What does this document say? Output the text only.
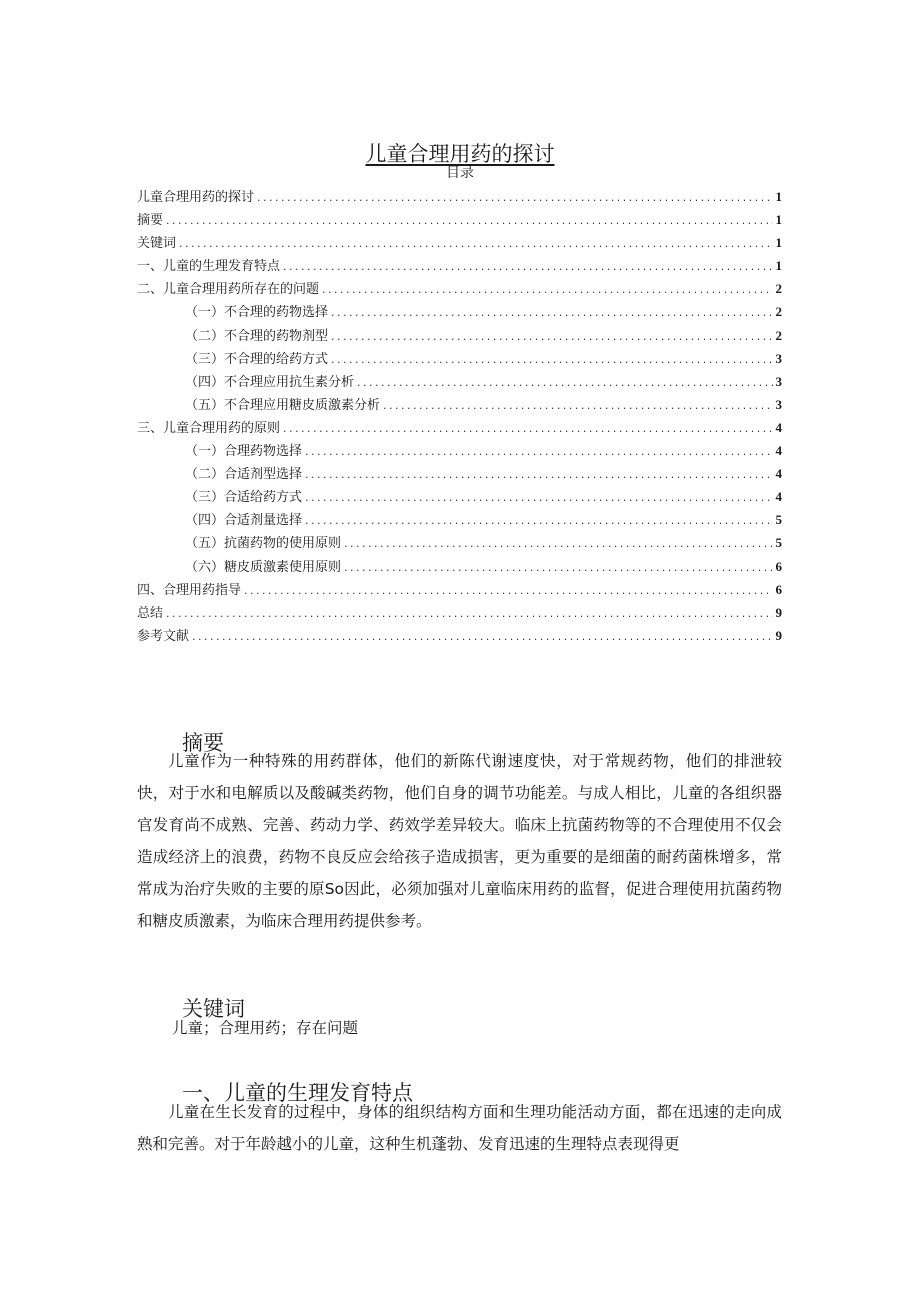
儿童合理用药的探讨
目录
儿童合理用药的探讨 .....	1
摘要 .....	1
关键词 .....	1
一、儿童的生理发育特点 .....	1
二、儿童合理用药所存在的问题 .....	2
（一）不合理的药物选择 .....	2
（二）不合理的药物剂型 .....	2
（三）不合理的给药方式 .....	3
（四）不合理应用抗生素分析 .....	3
（五）不合理应用糖皮质激素分析 .....	3
三、儿童合理用药的原则 .....	4
（一）合理药物选择 .....	4
（二）合适剂型选择 .....	4
（三）合适给药方式 .....	4
（四）合适剂量选择 .....	5
（五）抗菌药物的使用原则 .....	5
（六）糖皮质激素使用原则 .....	6
四、合理用药指导 .....	6
总结 .....	9
参考文献 .....	9
摘要

儿童作为一种特殊的用药群体，他们的新陈代谢速度快，对于常规药物，他们的排泄较快，对于水和电解质以及酸碱类药物，他们自身的调节功能差。与成人相比，儿童的各组织器官发育尚不成熟、完善、药动力学、药效学差异较大。临床上抗菌药物等的不合理使用不仅会造成经济上的浪费，药物不良反应会给孩子造成损害，更为重要的是细菌的耐药菌株增多，常常成为治疗失败的主要的原So因此，必须加强对儿童临床用药的监督，促进合理使用抗菌药物和糖皮质激素，为临床合理用药提供参考。

关键词

儿童；合理用药；存在问题

一、儿童的生理发育特点

儿童在生长发育的过程中，身体的组织结构方面和生理功能活动方面，都在迅速的走向成熟和完善。对于年龄越小的儿童，这种生机蓬勃、发育迅速的生理特点表现得更
